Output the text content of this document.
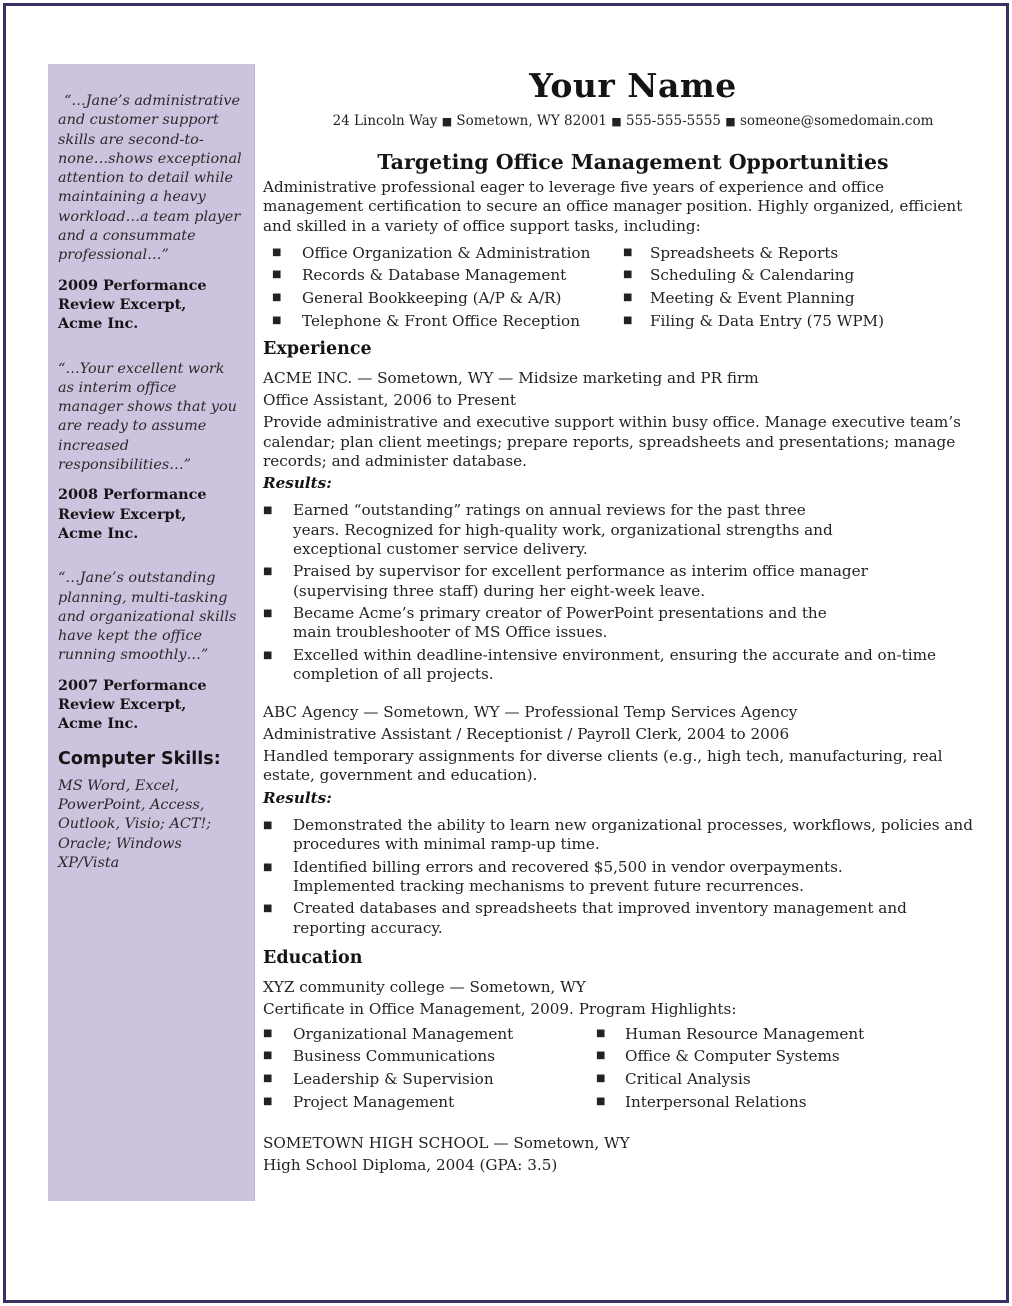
“…Jane’s administrative and customer support skills are second-to-none…shows exceptional attention to detail while maintaining a heavy workload…a team player and a consummate professional…”

2009 Performance Review Excerpt, Acme Inc.

“…Your excellent work as interim office manager shows that you are ready to assume increased responsibilities…”

2008 Performance Review Excerpt, Acme Inc.

“…Jane’s outstanding planning, multi-tasking and organizational skills have kept the office running smoothly…”

2007 Performance Review Excerpt, Acme Inc.

Computer Skills:

MS Word, Excel, PowerPoint, Access, Outlook, Visio; ACT!; Oracle; Windows XP/Vista

Your Name
24 Lincoln Way ■ Sometown, WY 82001 ■ 555-555-5555 ■ someone@somedomain.com
Targeting Office Management Opportunities

Administrative professional eager to leverage five years of experience and office management certification to secure an office manager position. Highly organized, efficient and skilled in a variety of office support tasks, including:

■ Office Organization & Administration
■ Records & Database Management
■ General Bookkeeping (A/P & A/R)
■ Telephone & Front Office Reception
■ Spreadsheets & Reports
■ Scheduling & Calendaring
■ Meeting & Event Planning
■ Filing & Data Entry (75 WPM)
Experience

ACME INC. — Sometown, WY — Midsize marketing and PR firm

Office Assistant, 2006 to Present

Provide administrative and executive support within busy office. Manage executive team’s calendar; plan client meetings; prepare reports, spreadsheets and presentations; manage records; and administer database.

Results:

■ Earned “outstanding” ratings on annual reviews for the past three years. Recognized for high-quality work, organizational strengths and exceptional customer service delivery.
■ Praised by supervisor for excellent performance as interim office manager (supervising three staff) during her eight-week leave.
■ Became Acme’s primary creator of PowerPoint presentations and the main troubleshooter of MS Office issues.
■ Excelled within deadline-intensive environment, ensuring the accurate and on-time completion of all projects.

ABC Agency — Sometown, WY — Professional Temp Services Agency

Administrative Assistant / Receptionist / Payroll Clerk, 2004 to 2006

Handled temporary assignments for diverse clients (e.g., high tech, manufacturing, real estate, government and education).

Results:

■ Demonstrated the ability to learn new organizational processes, workflows, policies and procedures with minimal ramp-up time.
■ Identified billing errors and recovered $5,500 in vendor overpayments. Implemented tracking mechanisms to prevent future recurrences.
■ Created databases and spreadsheets that improved inventory management and reporting accuracy.
Education

XYZ community college — Sometown, WY

Certificate in Office Management, 2009. Program Highlights:

■ Organizational Management
■ Business Communications
■ Leadership & Supervision
■ Project Management
■ Human Resource Management
■ Office & Computer Systems
■ Critical Analysis
■ Interpersonal Relations

SOMETOWN HIGH SCHOOL — Sometown, WY

High School Diploma, 2004 (GPA: 3.5)
